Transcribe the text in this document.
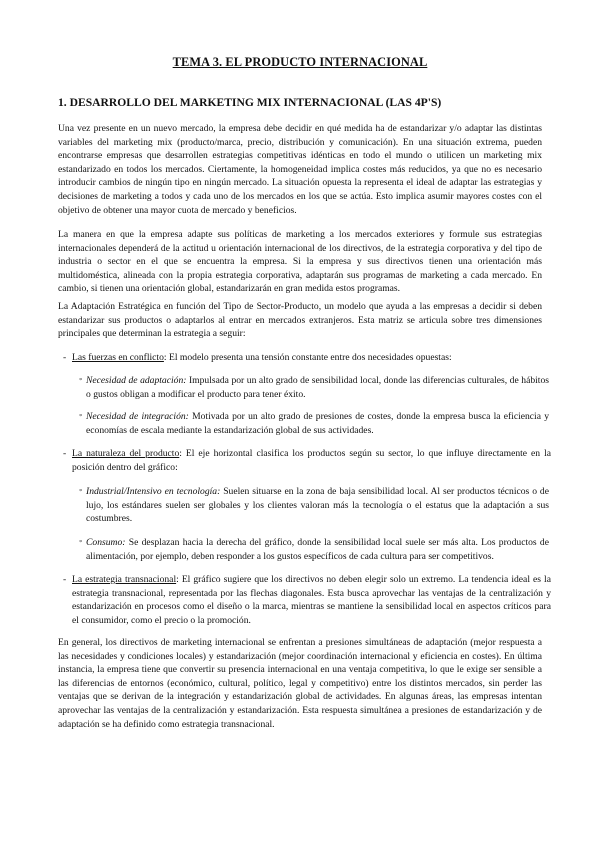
TEMA 3. EL PRODUCTO INTERNACIONAL
1. DESARROLLO DEL MARKETING MIX INTERNACIONAL (LAS 4P'S)

Una vez presente en un nuevo mercado, la empresa debe decidir en qué medida ha de estandarizar y/o adaptar las distintas variables del marketing mix (producto/marca, precio, distribución y comunicación). En una situación extrema, pueden encontrarse empresas que desarrollen estrategias competitivas idénticas en todo el mundo o utilicen un marketing mix estandarizado en todos los mercados. Ciertamente, la homogeneidad implica costes más reducidos, ya que no es necesario introducir cambios de ningún tipo en ningún mercado. La situación opuesta la representa el ideal de adaptar las estrategias y decisiones de marketing a todos y cada uno de los mercados en los que se actúa. Esto implica asumir mayores costes con el objetivo de obtener una mayor cuota de mercado y beneficios.

La manera en que la empresa adapte sus políticas de marketing a los mercados exteriores y formule sus estrategias internacionales dependerá de la actitud u orientación internacional de los directivos, de la estrategia corporativa y del tipo de industria o sector en el que se encuentra la empresa. Si la empresa y sus directivos tienen una orientación más multidoméstica, alineada con la propia estrategia corporativa, adaptarán sus programas de marketing a cada mercado. En cambio, si tienen una orientación global, estandarizarán en gran medida estos programas.

La Adaptación Estratégica en función del Tipo de Sector-Producto, un modelo que ayuda a las empresas a decidir si deben estandarizar sus productos o adaptarlos al entrar en mercados extranjeros. Esta matriz se articula sobre tres dimensiones principales que determinan la estrategia a seguir:

- Las fuerzas en conflicto: El modelo presenta una tensión constante entre dos necesidades opuestas:
◦ Necesidad de adaptación: Impulsada por un alto grado de sensibilidad local, donde las diferencias culturales, de hábitos o gustos obligan a modificar el producto para tener éxito.
◦ Necesidad de integración: Motivada por un alto grado de presiones de costes, donde la empresa busca la eficiencia y economías de escala mediante la estandarización global de sus actividades.
- La naturaleza del producto: El eje horizontal clasifica los productos según su sector, lo que influye directamente en la posición dentro del gráfico:
◦ Industrial/Intensivo en tecnología: Suelen situarse en la zona de baja sensibilidad local. Al ser productos técnicos o de lujo, los estándares suelen ser globales y los clientes valoran más la tecnología o el estatus que la adaptación a sus costumbres.
◦ Consumo: Se desplazan hacia la derecha del gráfico, donde la sensibilidad local suele ser más alta. Los productos de alimentación, por ejemplo, deben responder a los gustos específicos de cada cultura para ser competitivos.
- La estrategia transnacional: El gráfico sugiere que los directivos no deben elegir solo un extremo. La tendencia ideal es la estrategia transnacional, representada por las flechas diagonales. Esta busca aprovechar las ventajas de la centralización y estandarización en procesos como el diseño o la marca, mientras se mantiene la sensibilidad local en aspectos críticos para el consumidor, como el precio o la promoción.

En general, los directivos de marketing internacional se enfrentan a presiones simultáneas de adaptación (mejor respuesta a las necesidades y condiciones locales) y estandarización (mejor coordinación internacional y eficiencia en costes). En última instancia, la empresa tiene que convertir su presencia internacional en una ventaja competitiva, lo que le exige ser sensible a las diferencias de entornos (económico, cultural, político, legal y competitivo) entre los distintos mercados, sin perder las ventajas que se derivan de la integración y estandarización global de actividades. En algunas áreas, las empresas intentan aprovechar las ventajas de la centralización y estandarización. Esta respuesta simultánea a presiones de estandarización y de adaptación se ha definido como estrategia transnacional.
